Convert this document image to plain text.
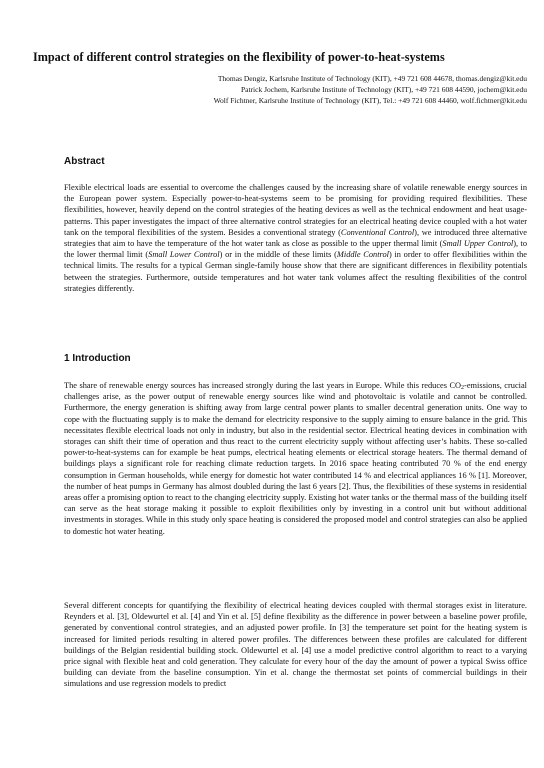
Impact of different control strategies on the flexibility of power-to-heat-systems
Thomas Dengiz, Karlsruhe Institute of Technology (KIT), +49 721 608 44678, thomas.dengiz@kit.edu
Patrick Jochem, Karlsruhe Institute of Technology (KIT), +49 721 608 44590, jochem@kit.edu
Wolf Fichtner, Karlsruhe Institute of Technology (KIT), Tel.: +49 721 608 44460, wolf.fichtner@kit.edu
Abstract

Flexible electrical loads are essential to overcome the challenges caused by the increasing share of volatile renewable energy sources in the European power system. Especially power-to-heat-systems seem to be promising for providing required flexibilities. These flexibilities, however, heavily depend on the control strategies of the heating devices as well as the technical endowment and heat usage-patterns. This paper investigates the impact of three alternative control strategies for an electrical heating device coupled with a hot water tank on the temporal flexibilities of the system. Besides a conventional strategy (Conventional Control), we introduced three alternative strategies that aim to have the temperature of the hot water tank as close as possible to the upper thermal limit (Small Upper Control), to the lower thermal limit (Small Lower Control) or in the middle of these limits (Middle Control) in order to offer flexibilities within the technical limits. The results for a typical German single-family house show that there are significant differences in flexibility potentials between the strategies. Furthermore, outside temperatures and hot water tank volumes affect the resulting flexibilities of the control strategies differently.

1 Introduction

The share of renewable energy sources has increased strongly during the last years in Europe. While this reduces $CO_2$-emissions, crucial challenges arise, as the power output of renewable energy sources like wind and photovoltaic is volatile and cannot be controlled. Furthermore, the energy generation is shifting away from large central power plants to smaller decentral generation units. One way to cope with the fluctuating supply is to make the demand for electricity responsive to the supply aiming to ensure balance in the grid. This necessitates flexible electrical loads not only in industry, but also in the residential sector. Electrical heating devices in combination with storages can shift their time of operation and thus react to the current electricity supply without affecting user’s habits. These so-called power-to-heat-systems can for example be heat pumps, electrical heating elements or electrical storage heaters. The thermal demand of buildings plays a significant role for reaching climate reduction targets. In 2016 space heating contributed 70 % of the end energy consumption in German households, while energy for domestic hot water contributed 14 % and electrical appliances 16 % [1]. Moreover, the number of heat pumps in Germany has almost doubled during the last 6 years [2]. Thus, the flexibilities of these systems in residential areas offer a promising option to react to the changing electricity supply. Existing hot water tanks or the thermal mass of the building itself can serve as the heat storage making it possible to exploit flexibilities only by investing in a control unit but without additional investments in storages. While in this study only space heating is considered the proposed model and control strategies can also be applied to domestic hot water heating.

Several different concepts for quantifying the flexibility of electrical heating devices coupled with thermal storages exist in literature. Reynders et al. [3], Oldewurtel et al. [4] and Yin et al. [5] define flexibility as the difference in power between a baseline power profile, generated by conventional control strategies, and an adjusted power profile. In [3] the temperature set point for the heating system is increased for limited periods resulting in altered power profiles. The differences between these profiles are calculated for different buildings of the Belgian residential building stock. Oldewurtel et al. [4] use a model predictive control algorithm to react to a varying price signal with flexible heat and cold generation. They calculate for every hour of the day the amount of power a typical Swiss office building can deviate from the baseline consumption. Yin et al. change the thermostat set points of commercial buildings in their simulations and use regression models to predict
